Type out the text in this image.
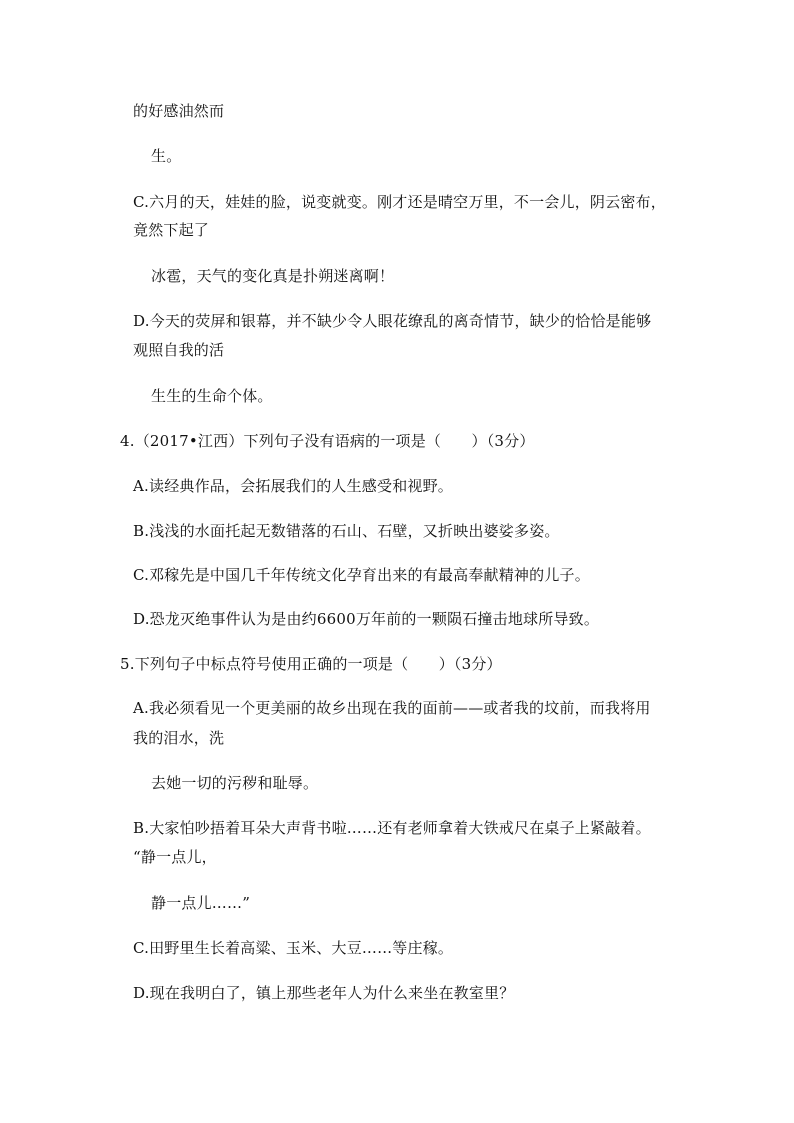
的好感油然而
生。
C.六月的天，娃娃的脸，说变就变。刚才还是晴空万里，不一会儿，阴云密布，
竟然下起了
冰雹，天气的变化真是扑朔迷离啊！
D.今天的荧屏和银幕，并不缺少令人眼花缭乱的离奇情节，缺少的恰恰是能够
观照自我的活
生生的生命个体。
4.（2017•江西）下列句子没有语病的一项是（　　）（3分）
A.读经典作品，会拓展我们的人生感受和视野。
B.浅浅的水面托起无数错落的石山、石壁，又折映出婆娑多姿。
C.邓稼先是中国几千年传统文化孕育出来的有最高奉献精神的儿子。
D.恐龙灭绝事件认为是由约6600万年前的一颗陨石撞击地球所导致。
5.下列句子中标点符号使用正确的一项是（　　）（3分）
A.我必须看见一个更美丽的故乡出现在我的面前——或者我的坟前，而我将用
我的泪水，洗
去她一切的污秽和耻辱。
B.大家怕吵捂着耳朵大声背书啦……还有老师拿着大铁戒尺在桌子上紧敲着。
“静一点儿，
静一点儿……”
C.田野里生长着高粱、玉米、大豆……等庄稼。
D.现在我明白了，镇上那些老年人为什么来坐在教室里？
